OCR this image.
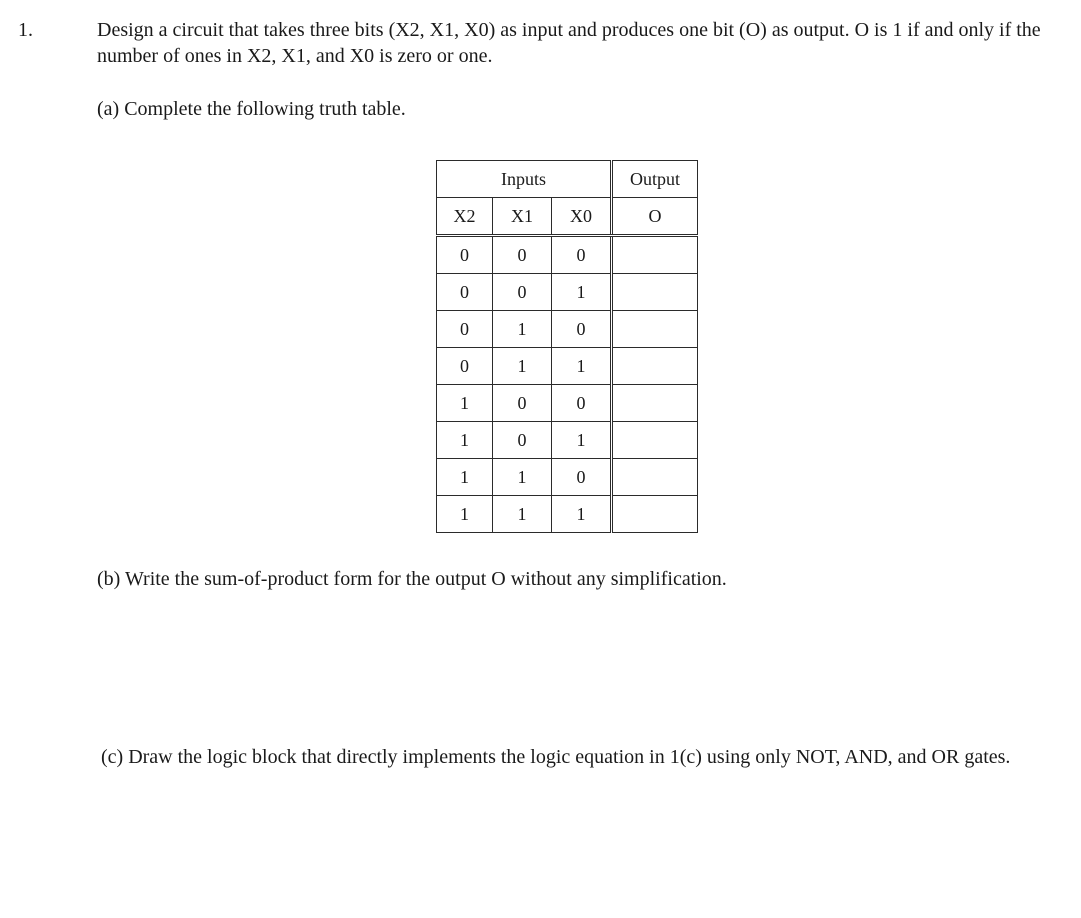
1.	Design a circuit that takes three bits (X2, X1, X0) as input and produces one bit (O) as output. O is 1 if and only if the number of ones in X2, X1, and X0 is zero or one.

(a) Complete the following truth table.

Inputs			Output
X2	X1	X0	O
0	0	0	
0	0	1	
0	1	0	
0	1	1	
1	0	0	
1	0	1	
1	1	0	
1	1	1	

(b) Write the sum-of-product form for the output O without any simplification.

(c) Draw the logic block that directly implements the logic equation in 1(c) using only NOT, AND, and OR gates.
